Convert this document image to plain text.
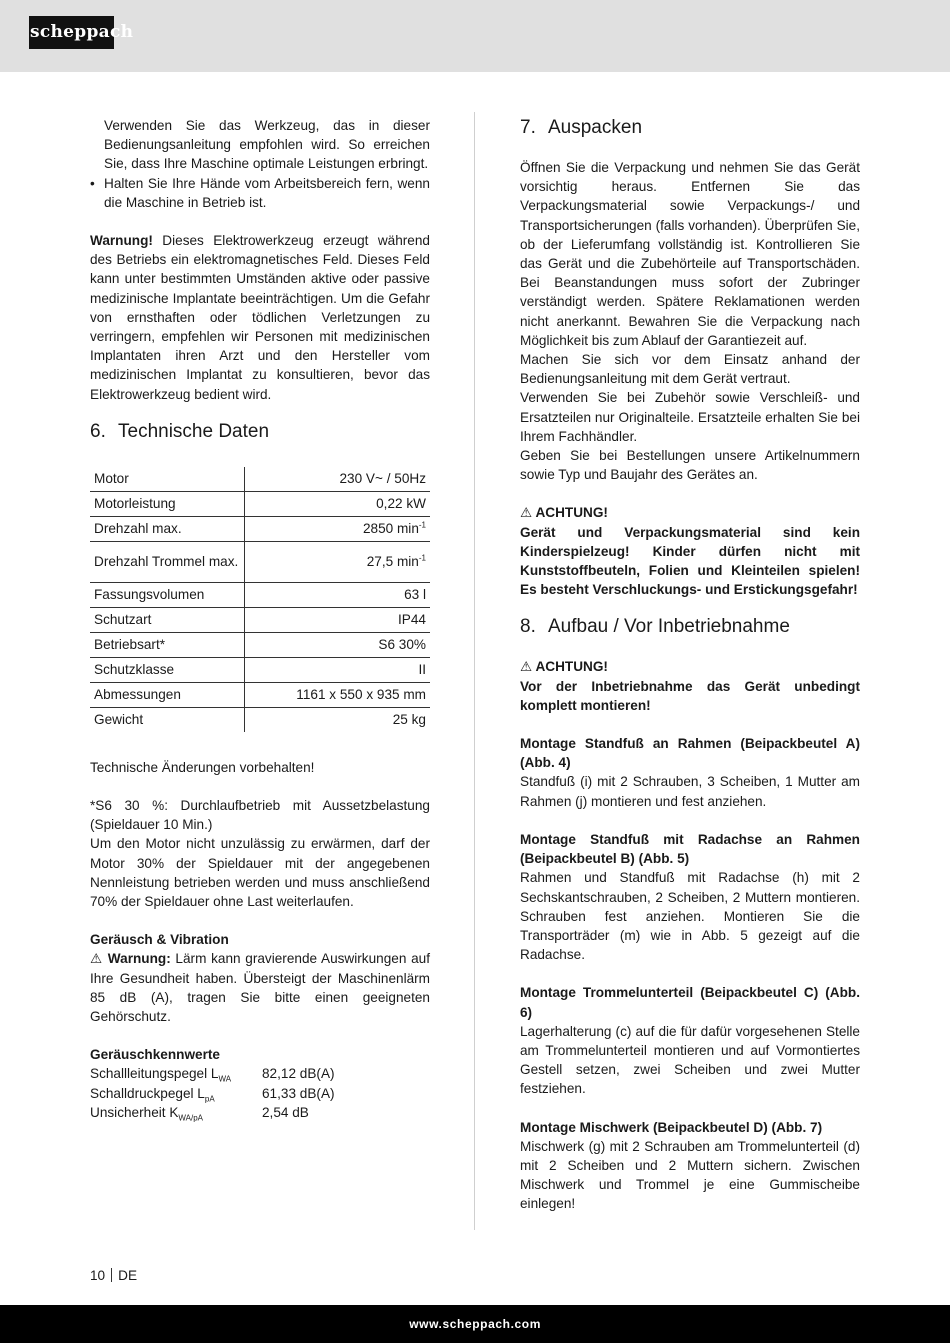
scheppach

Verwenden Sie das Werkzeug, das in dieser Bedienungsanleitung empfohlen wird. So erreichen Sie, dass Ihre Maschine optimale Leistungen erbringt.

• Halten Sie Ihre Hände vom Arbeitsbereich fern, wenn die Maschine in Betrieb ist.

Warnung! Dieses Elektrowerkzeug erzeugt während des Betriebs ein elektromagnetisches Feld. Dieses Feld kann unter bestimmten Umständen aktive oder passive medizinische Implantate beeinträchtigen. Um die Gefahr von ernsthaften oder tödlichen Verletzungen zu verringern, empfehlen wir Personen mit medizinischen Implantaten ihren Arzt und den Hersteller vom medizinischen Implantat zu konsultieren, bevor das Elektrowerkzeug bedient wird.

6. Technische Daten
Motor	230 V~ / 50Hz
Motorleistung	0,22 kW
Drehzahl max.	2850 $\min^{-1}$
Drehzahl Trommel max.	27,5 $\min^{-1}$
Fassungsvolumen	63 l
Schutzart	IP44
Betriebsart*	S6 30%
Schutzklasse	II
Abmessungen	1161 x 550 x 935 mm
Gewicht	25 kg

Technische Änderungen vorbehalten!

*S6 30 %: Durchlaufbetrieb mit Aussetzbelastung (Spieldauer 10 Min.)

Um den Motor nicht unzulässig zu erwärmen, darf der Motor 30% der Spieldauer mit der angegebenen Nennleistung betrieben werden und muss anschließend 70% der Spieldauer ohne Last weiterlaufen.

Geräusch & Vibration

⚠ Warnung: Lärm kann gravierende Auswirkungen auf Ihre Gesundheit haben. Übersteigt der Maschinenlärm 85 dB (A), tragen Sie bitte einen geeigneten Gehörschutz.

Geräuschkennwerte

Schallleitungspegel $L_{WA}$ 82,12 dB(A)
Schalldruckpegel $L_{pA}$	61,33 dB(A)
Unsicherheit $K_{WA/pA}$	2,54 dB
7. Auspacken

Öffnen Sie die Verpackung und nehmen Sie das Gerät vorsichtig heraus. Entfernen Sie das Verpackungsmaterial sowie Verpackungs-/ und Transportsicherungen (falls vorhanden). Überprüfen Sie, ob der Lieferumfang vollständig ist. Kontrollieren Sie das Gerät und die Zubehörteile auf Transportschäden. Bei Beanstandungen muss sofort der Zubringer verständigt werden. Spätere Reklamationen werden nicht anerkannt. Bewahren Sie die Verpackung nach Möglichkeit bis zum Ablauf der Garantiezeit auf.

Machen Sie sich vor dem Einsatz anhand der Bedienungsanleitung mit dem Gerät vertraut.

Verwenden Sie bei Zubehör sowie Verschleiß- und Ersatzteilen nur Originalteile. Ersatzteile erhalten Sie bei Ihrem Fachhändler.

Geben Sie bei Bestellungen unsere Artikelnummern sowie Typ und Baujahr des Gerätes an.

⚠ ACHTUNG!

Gerät und Verpackungsmaterial sind kein Kinderspielzeug! Kinder dürfen nicht mit Kunststoffbeuteln, Folien und Kleinteilen spielen! Es besteht Verschluckungs- und Erstickungsgefahr!

8. Aufbau / Vor Inbetriebnahme

⚠ ACHTUNG!

Vor der Inbetriebnahme das Gerät unbedingt komplett montieren!

Montage Standfuß an Rahmen (Beipackbeutel A) (Abb. 4)

Standfuß (i) mit 2 Schrauben, 3 Scheiben, 1 Mutter am Rahmen (j) montieren und fest anziehen.

Montage Standfuß mit Radachse an Rahmen (Beipackbeutel B) (Abb. 5)

Rahmen und Standfuß mit Radachse (h) mit 2 Sechskantschrauben, 2 Scheiben, 2 Muttern montieren. Schrauben fest anziehen. Montieren Sie die Transporträder (m) wie in Abb. 5 gezeigt auf die Radachse.

Montage Trommelunterteil (Beipackbeutel C) (Abb. 6)

Lagerhalterung (c) auf die für dafür vorgesehenen Stelle am Trommelunterteil montieren und auf Vormontiertes Gestell setzen, zwei Scheiben und zwei Mutter festziehen.

Montage Mischwerk (Beipackbeutel D) (Abb. 7)

Mischwerk (g) mit 2 Schrauben am Trommelunterteil (d) mit 2 Scheiben und 2 Muttern sichern. Zwischen Mischwerk und Trommel je eine Gummischeibe einlegen!

10 DE
www.scheppach.com
